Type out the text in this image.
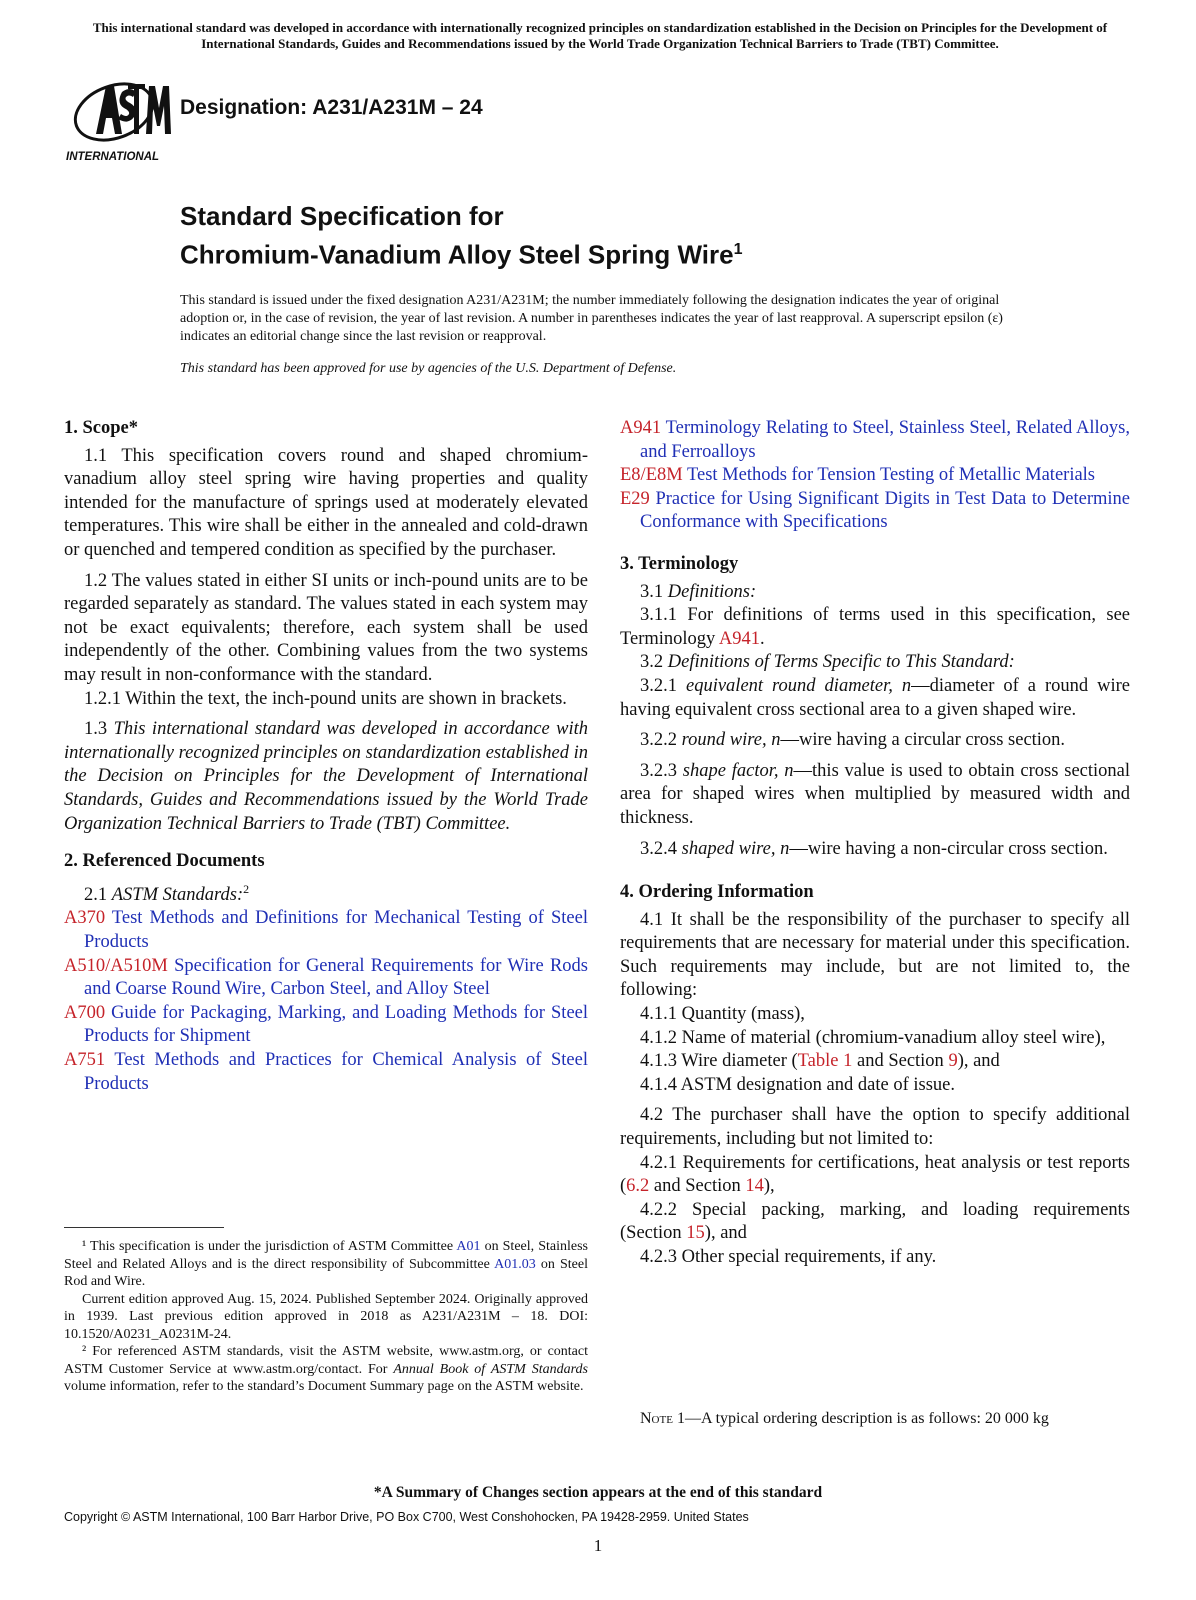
This international standard was developed in accordance with internationally recognized principles on standardization established in the Decision on Principles for the Development of International Standards, Guides and Recommendations issued by the World Trade Organization Technical Barriers to Trade (TBT) Committee.
INTERNATIONAL
Designation: A231/A231M – 24
Standard Specification for
Chromium-Vanadium Alloy Steel Spring Wire$^1$
This standard is issued under the fixed designation A231/A231M; the number immediately following the designation indicates the year of original adoption or, in the case of revision, the year of last revision. A number in parentheses indicates the year of last reapproval. A superscript epsilon (ε) indicates an editorial change since the last revision or reapproval.
This standard has been approved for use by agencies of the U.S. Department of Defense.

1. Scope*

1.1 This specification covers round and shaped chromium-vanadium alloy steel spring wire having properties and quality intended for the manufacture of springs used at moderately elevated temperatures. This wire shall be either in the annealed and cold-drawn or quenched and tempered condition as specified by the purchaser.

1.2 The values stated in either SI units or inch-pound units are to be regarded separately as standard. The values stated in each system may not be exact equivalents; therefore, each system shall be used independently of the other. Combining values from the two systems may result in non-conformance with the standard.

1.2.1 Within the text, the inch-pound units are shown in brackets.

1.3 This international standard was developed in accordance with internationally recognized principles on standardization established in the Decision on Principles for the Development of International Standards, Guides and Recommendations issued by the World Trade Organization Technical Barriers to Trade (TBT) Committee.

2. Referenced Documents

2.1 ASTM Standards:$^2$

A370 Test Methods and Definitions for Mechanical Testing of Steel Products

A510/A510M Specification for General Requirements for Wire Rods and Coarse Round Wire, Carbon Steel, and Alloy Steel

A700 Guide for Packaging, Marking, and Loading Methods for Steel Products for Shipment

A751 Test Methods and Practices for Chemical Analysis of Steel Products

¹ This specification is under the jurisdiction of ASTM Committee A01 on Steel, Stainless Steel and Related Alloys and is the direct responsibility of Subcommittee A01.03 on Steel Rod and Wire.

Current edition approved Aug. 15, 2024. Published September 2024. Originally approved in 1939. Last previous edition approved in 2018 as A231/A231M – 18. DOI: 10.1520/A0231_A0231M-24.

² For referenced ASTM standards, visit the ASTM website, www.astm.org, or contact ASTM Customer Service at www.astm.org/contact. For Annual Book of ASTM Standards volume information, refer to the standard’s Document Summary page on the ASTM website.

A941 Terminology Relating to Steel, Stainless Steel, Related Alloys, and Ferroalloys

E8/E8M Test Methods for Tension Testing of Metallic Materials

E29 Practice for Using Significant Digits in Test Data to Determine Conformance with Specifications

3. Terminology

3.1 Definitions:

3.1.1 For definitions of terms used in this specification, see Terminology A941.

3.2 Definitions of Terms Specific to This Standard:

3.2.1 equivalent round diameter, n—diameter of a round wire having equivalent cross sectional area to a given shaped wire.

3.2.2 round wire, n—wire having a circular cross section.

3.2.3 shape factor, n—this value is used to obtain cross sectional area for shaped wires when multiplied by measured width and thickness.

3.2.4 shaped wire, n—wire having a non-circular cross section.

4. Ordering Information

4.1 It shall be the responsibility of the purchaser to specify all requirements that are necessary for material under this specification. Such requirements may include, but are not limited to, the following:

4.1.1 Quantity (mass),

4.1.2 Name of material (chromium-vanadium alloy steel wire),

4.1.3 Wire diameter (Table 1 and Section 9), and

4.1.4 ASTM designation and date of issue.

4.2 The purchaser shall have the option to specify additional requirements, including but not limited to:

4.2.1 Requirements for certifications, heat analysis or test reports (6.2 and Section 14),

4.2.2 Special packing, marking, and loading requirements (Section 15), and

4.2.3 Other special requirements, if any.

Note 1—A typical ordering description is as follows: 20 000 kg
*A Summary of Changes section appears at the end of this standard
Copyright © ASTM International, 100 Barr Harbor Drive, PO Box C700, West Conshohocken, PA 19428-2959. United States
1
